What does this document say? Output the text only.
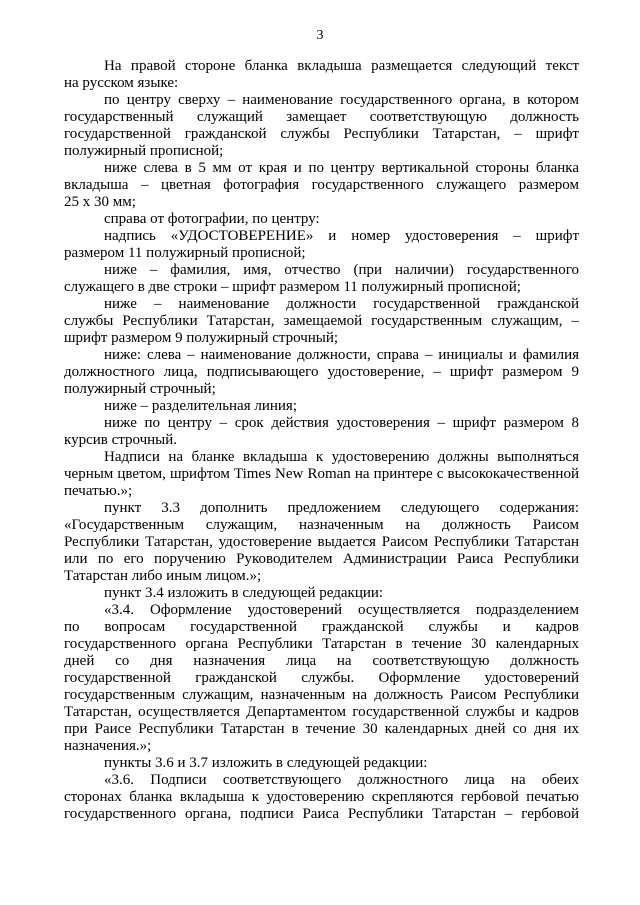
3
На правой стороне бланка вкладыша размещается следующий текст
на русском языке:
по центру сверху – наименование государственного органа, в котором
государственный служащий замещает соответствующую должность
государственной гражданской службы Республики Татарстан, – шрифт
полужирный прописной;
ниже слева в 5 мм от края и по центру вертикальной стороны бланка
вкладыша – цветная фотография государственного служащего размером
25 х 30 мм;
справа от фотографии, по центру:
надпись «УДОСТОВЕРЕНИЕ» и номер удостоверения – шрифт
размером 11 полужирный прописной;
ниже – фамилия, имя, отчество (при наличии) государственного
служащего в две строки – шрифт размером 11 полужирный прописной;
ниже – наименование должности государственной гражданской
службы Республики Татарстан, замещаемой государственным служащим, –
шрифт размером 9 полужирный строчный;
ниже: слева – наименование должности, справа – инициалы и фамилия
должностного лица, подписывающего удостоверение, – шрифт размером 9
полужирный строчный;
ниже – разделительная линия;
ниже по центру – срок действия удостоверения – шрифт размером 8
курсив строчный.
Надписи на бланке вкладыша к удостоверению должны выполняться
черным цветом, шрифтом Times New Roman на принтере с высококачественной
печатью.»;
пункт 3.3 дополнить предложением следующего содержания:
«Государственным служащим, назначенным на должность Раисом
Республики Татарстан, удостоверение выдается Раисом Республики Татарстан
или по его поручению Руководителем Администрации Раиса Республики
Татарстан либо иным лицом.»;
пункт 3.4 изложить в следующей редакции:
«3.4. Оформление удостоверений осуществляется подразделением
по вопросам государственной гражданской службы и кадров
государственного органа Республики Татарстан в течение 30 календарных
дней со дня назначения лица на соответствующую должность
государственной гражданской службы. Оформление удостоверений
государственным служащим, назначенным на должность Раисом Республики
Татарстан, осуществляется Департаментом государственной службы и кадров
при Раисе Республики Татарстан в течение 30 календарных дней со дня их
назначения.»;
пункты 3.6 и 3.7 изложить в следующей редакции:
«3.6. Подписи соответствующего должностного лица на обеих
сторонах бланка вкладыша к удостоверению скрепляются гербовой печатью
государственного органа, подписи Раиса Республики Татарстан – гербовой
